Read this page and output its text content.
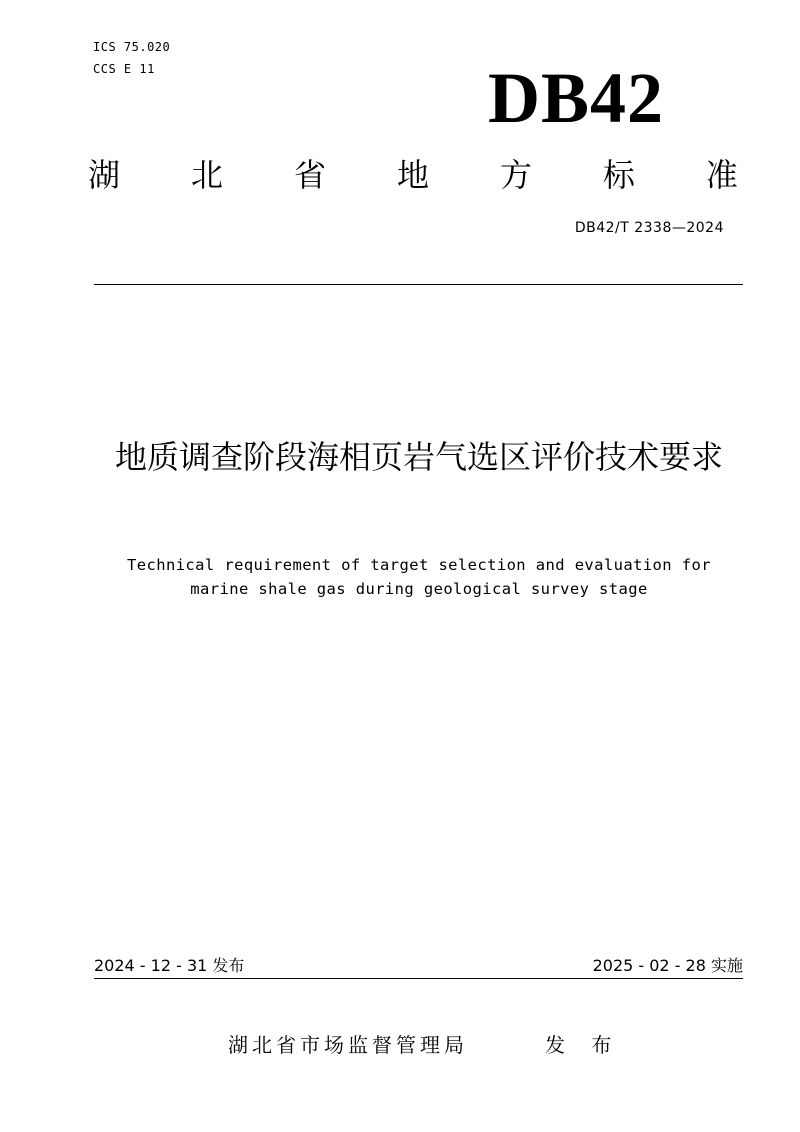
ICS 75.020
CCS E 11	DB42
湖 北 省 地 方 标 准
DB42/T 2338—2024
地质调查阶段海相页岩气选区评价技术要求
Technical requirement of target selection and evaluation for marine shale gas during geological survey stage
2024 - 12 - 31 发布	2025 - 02 - 28 实施
湖北省市场监督管理局	发 布
